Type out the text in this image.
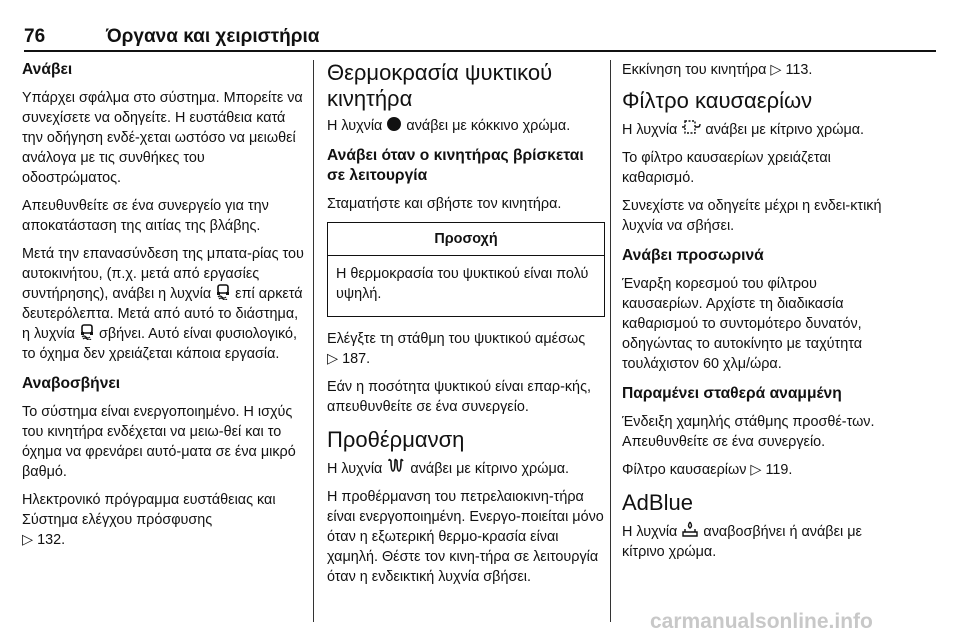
76	Όργανα και χειριστήρια
Ανάβει

Υπάρχει σφάλμα στο σύστημα. Μπορείτε να συνεχίσετε να οδηγείτε. Η ευστάθεια κατά την οδήγηση ενδέ-χεται ωστόσο να μειωθεί ανάλογα με τις συνθήκες του οδοστρώματος.

Απευθυνθείτε σε ένα συνεργείο για την αποκατάσταση της αιτίας της βλάβης.

Μετά την επανασύνδεση της μπατα-ρίας του αυτοκινήτου, (π.χ. μετά από εργασίες συντήρησης), ανάβει η λυχνία επί αρκετά δευτερόλεπτα. Μετά από αυτό το διάστημα, η λυχνία σβήνει. Αυτό είναι φυσιολογικό, το όχημα δεν χρειάζεται κάποια εργασία.

Αναβοσβήνει

Το σύστημα είναι ενεργοποιημένο. Η ισχύς του κινητήρα ενδέχεται να μειω-θεί και το όχημα να φρενάρει αυτό-ματα σε ένα μικρό βαθμό.

Ηλεκτρονικό πρόγραμμα ευστάθειας και Σύστημα ελέγχου πρόσφυσης
▷ 132.

Θερμοκρασία ψυκτικού κινητήρα

Η λυχνία ανάβει με κόκκινο χρώμα.

Ανάβει όταν ο κινητήρας βρίσκεται σε λειτουργία

Σταματήστε και σβήστε τον κινητήρα.

Προσοχή
Η θερμοκρασία του ψυκτικού είναι πολύ υψηλή.

Ελέγξτε τη στάθμη του ψυκτικού αμέσως
▷ 187.

Εάν η ποσότητα ψυκτικού είναι επαρ-κής, απευθυνθείτε σε ένα συνεργείο.

Προθέρμανση

Η λυχνία ανάβει με κίτρινο χρώμα.

Η προθέρμανση του πετρελαιοκινη-τήρα είναι ενεργοποιημένη. Ενεργο-ποιείται μόνο όταν η εξωτερική θερμο-κρασία είναι χαμηλή. Θέστε τον κινη-τήρα σε λειτουργία όταν η ενδεικτική λυχνία σβήσει.

Εκκίνηση του κινητήρα ▷ 113.

Φίλτρο καυσαερίων

Η λυχνία ανάβει με κίτρινο χρώμα.

Το φίλτρο καυσαερίων χρειάζεται καθαρισμό.

Συνεχίστε να οδηγείτε μέχρι η ενδει-κτική λυχνία να σβήσει.

Ανάβει προσωρινά

Έναρξη κορεσμού του φίλτρου καυσαερίων. Αρχίστε τη διαδικασία καθαρισμού το συντομότερο δυνατόν, οδηγώντας το αυτοκίνητο με ταχύτητα τουλάχιστον 60 χλμ/ώρα.

Παραμένει σταθερά αναμμένη

Ένδειξη χαμηλής στάθμης προσθέ-των. Απευθυνθείτε σε ένα συνεργείο.

Φίλτρο καυσαερίων ▷ 119.

AdBlue

Η λυχνία αναβοσβήνει ή ανάβει με κίτρινο χρώμα.

carmanualsonline.info
